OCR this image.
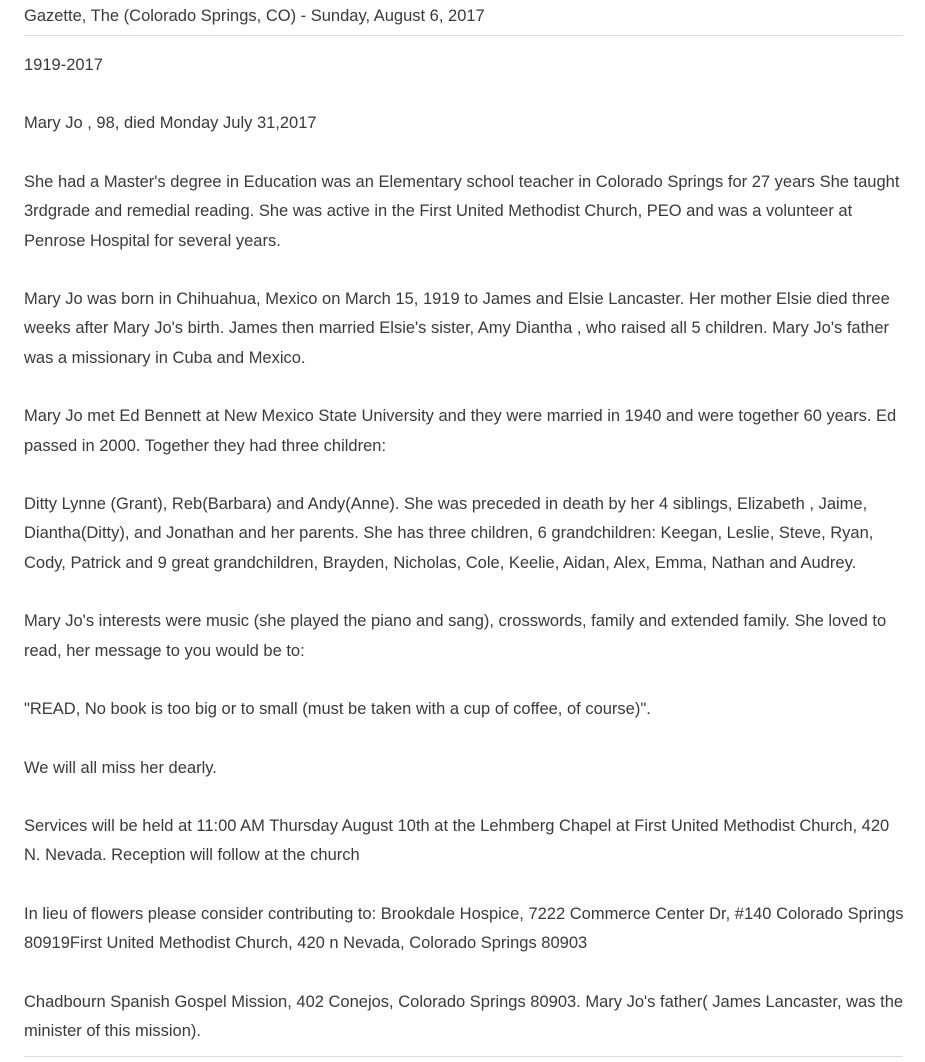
Gazette, The (Colorado Springs, CO) - Sunday, August 6, 2017

1919-2017

Mary Jo , 98, died Monday July 31,2017

She had a Master's degree in Education was an Elementary school teacher in Colorado Springs for 27 years She taught 3rdgrade and remedial reading. She was active in the First United Methodist Church, PEO and was a volunteer at Penrose Hospital for several years.

Mary Jo was born in Chihuahua, Mexico on March 15, 1919 to James and Elsie Lancaster. Her mother Elsie died three weeks after Mary Jo's birth. James then married Elsie's sister, Amy Diantha , who raised all 5 children. Mary Jo's father was a missionary in Cuba and Mexico.

Mary Jo met Ed Bennett at New Mexico State University and they were married in 1940 and were together 60 years. Ed passed in 2000. Together they had three children:

Ditty Lynne (Grant), Reb(Barbara) and Andy(Anne). She was preceded in death by her 4 siblings, Elizabeth , Jaime, Diantha(Ditty), and Jonathan and her parents. She has three children, 6 grandchildren: Keegan, Leslie, Steve, Ryan, Cody, Patrick and 9 great grandchildren, Brayden, Nicholas, Cole, Keelie, Aidan, Alex, Emma, Nathan and Audrey.

Mary Jo's interests were music (she played the piano and sang), crosswords, family and extended family. She loved to read, her message to you would be to:

"READ, No book is too big or to small (must be taken with a cup of coffee, of course)".

We will all miss her dearly.

Services will be held at 11:00 AM Thursday August 10th at the Lehmberg Chapel at First United Methodist Church, 420 N. Nevada. Reception will follow at the church

In lieu of flowers please consider contributing to: Brookdale Hospice, 7222 Commerce Center Dr, #140 Colorado Springs 80919First United Methodist Church, 420 n Nevada, Colorado Springs 80903

Chadbourn Spanish Gospel Mission, 402 Conejos, Colorado Springs 80903. Mary Jo's father( James Lancaster, was the minister of this mission).
